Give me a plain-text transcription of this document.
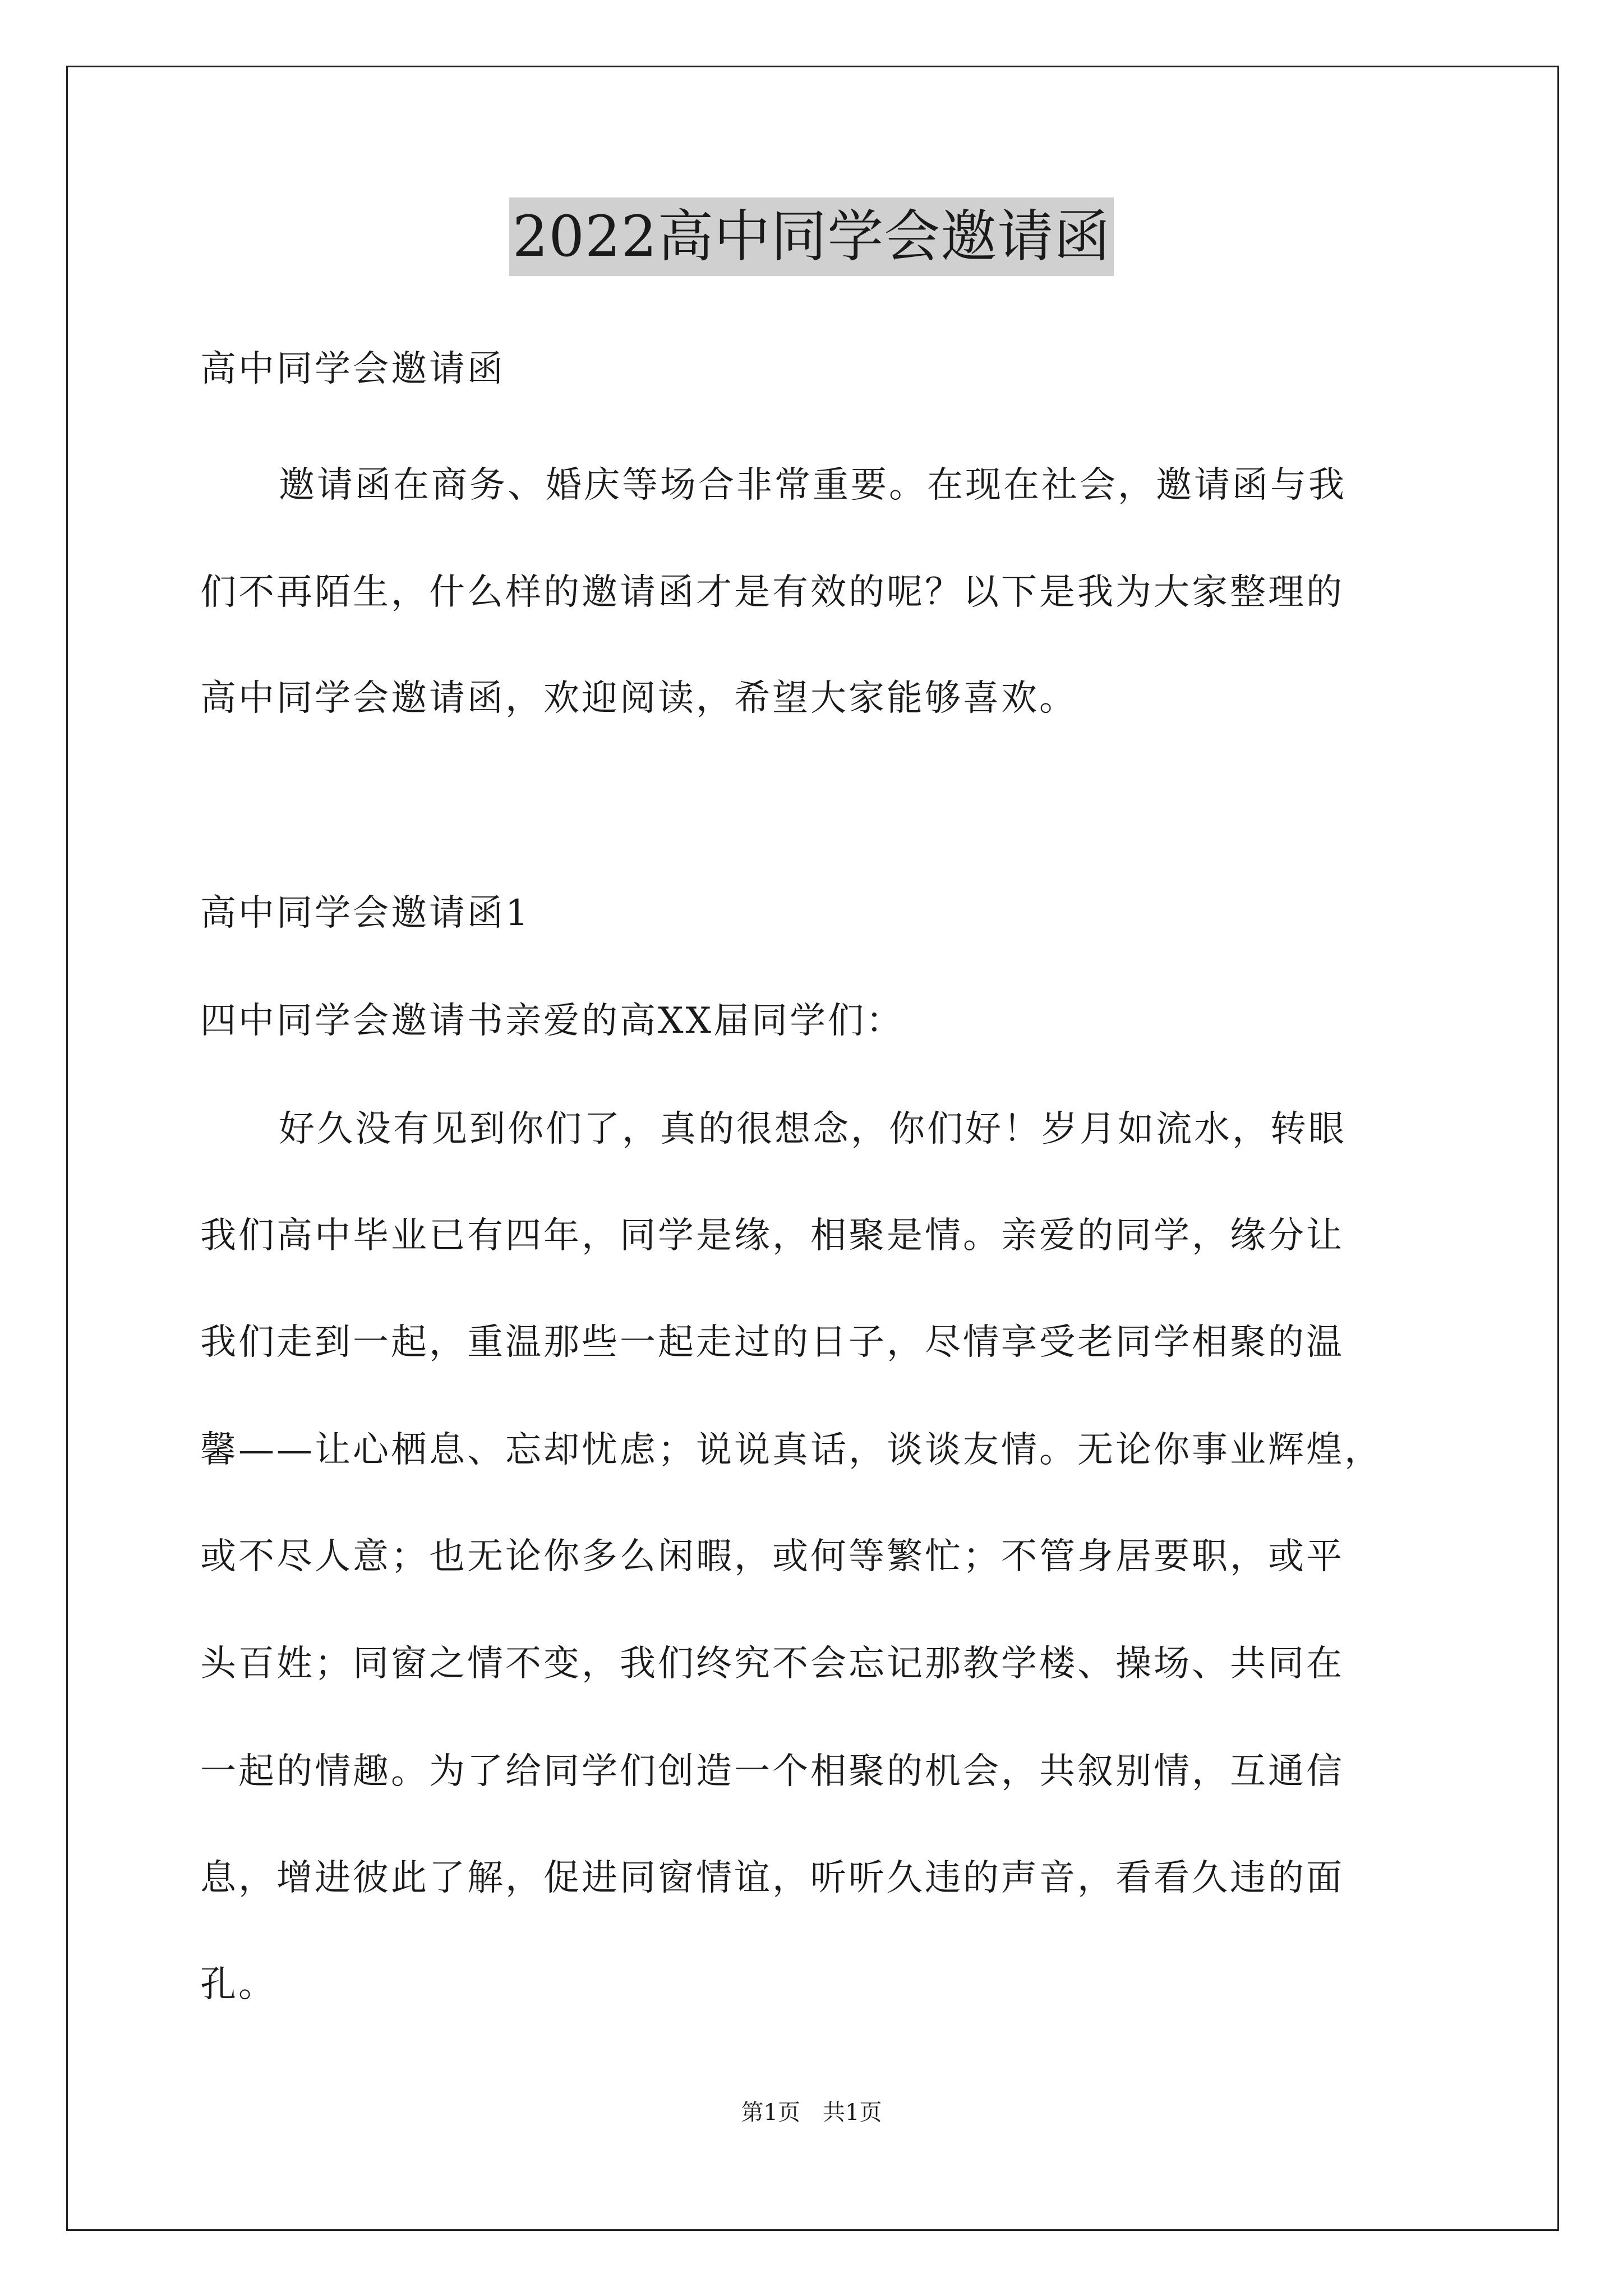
2022高中同学会邀请函
高中同学会邀请函
邀请函在商务、婚庆等场合非常重要。在现在社会，邀请函与我
们不再陌生，什么样的邀请函才是有效的呢？以下是我为大家整理的
高中同学会邀请函，欢迎阅读，希望大家能够喜欢。
高中同学会邀请函1
四中同学会邀请书亲爱的高XX届同学们：
好久没有见到你们了，真的很想念，你们好！岁月如流水，转眼
我们高中毕业已有四年，同学是缘，相聚是情。亲爱的同学，缘分让
我们走到一起，重温那些一起走过的日子，尽情享受老同学相聚的温
馨——让心栖息、忘却忧虑；说说真话，谈谈友情。无论你事业辉煌，
或不尽人意；也无论你多么闲暇，或何等繁忙；不管身居要职，或平
头百姓；同窗之情不变，我们终究不会忘记那教学楼、操场、共同在
一起的情趣。为了给同学们创造一个相聚的机会，共叙别情，互通信
息，增进彼此了解，促进同窗情谊，听听久违的声音，看看久违的面
孔。
第1页　共1页
